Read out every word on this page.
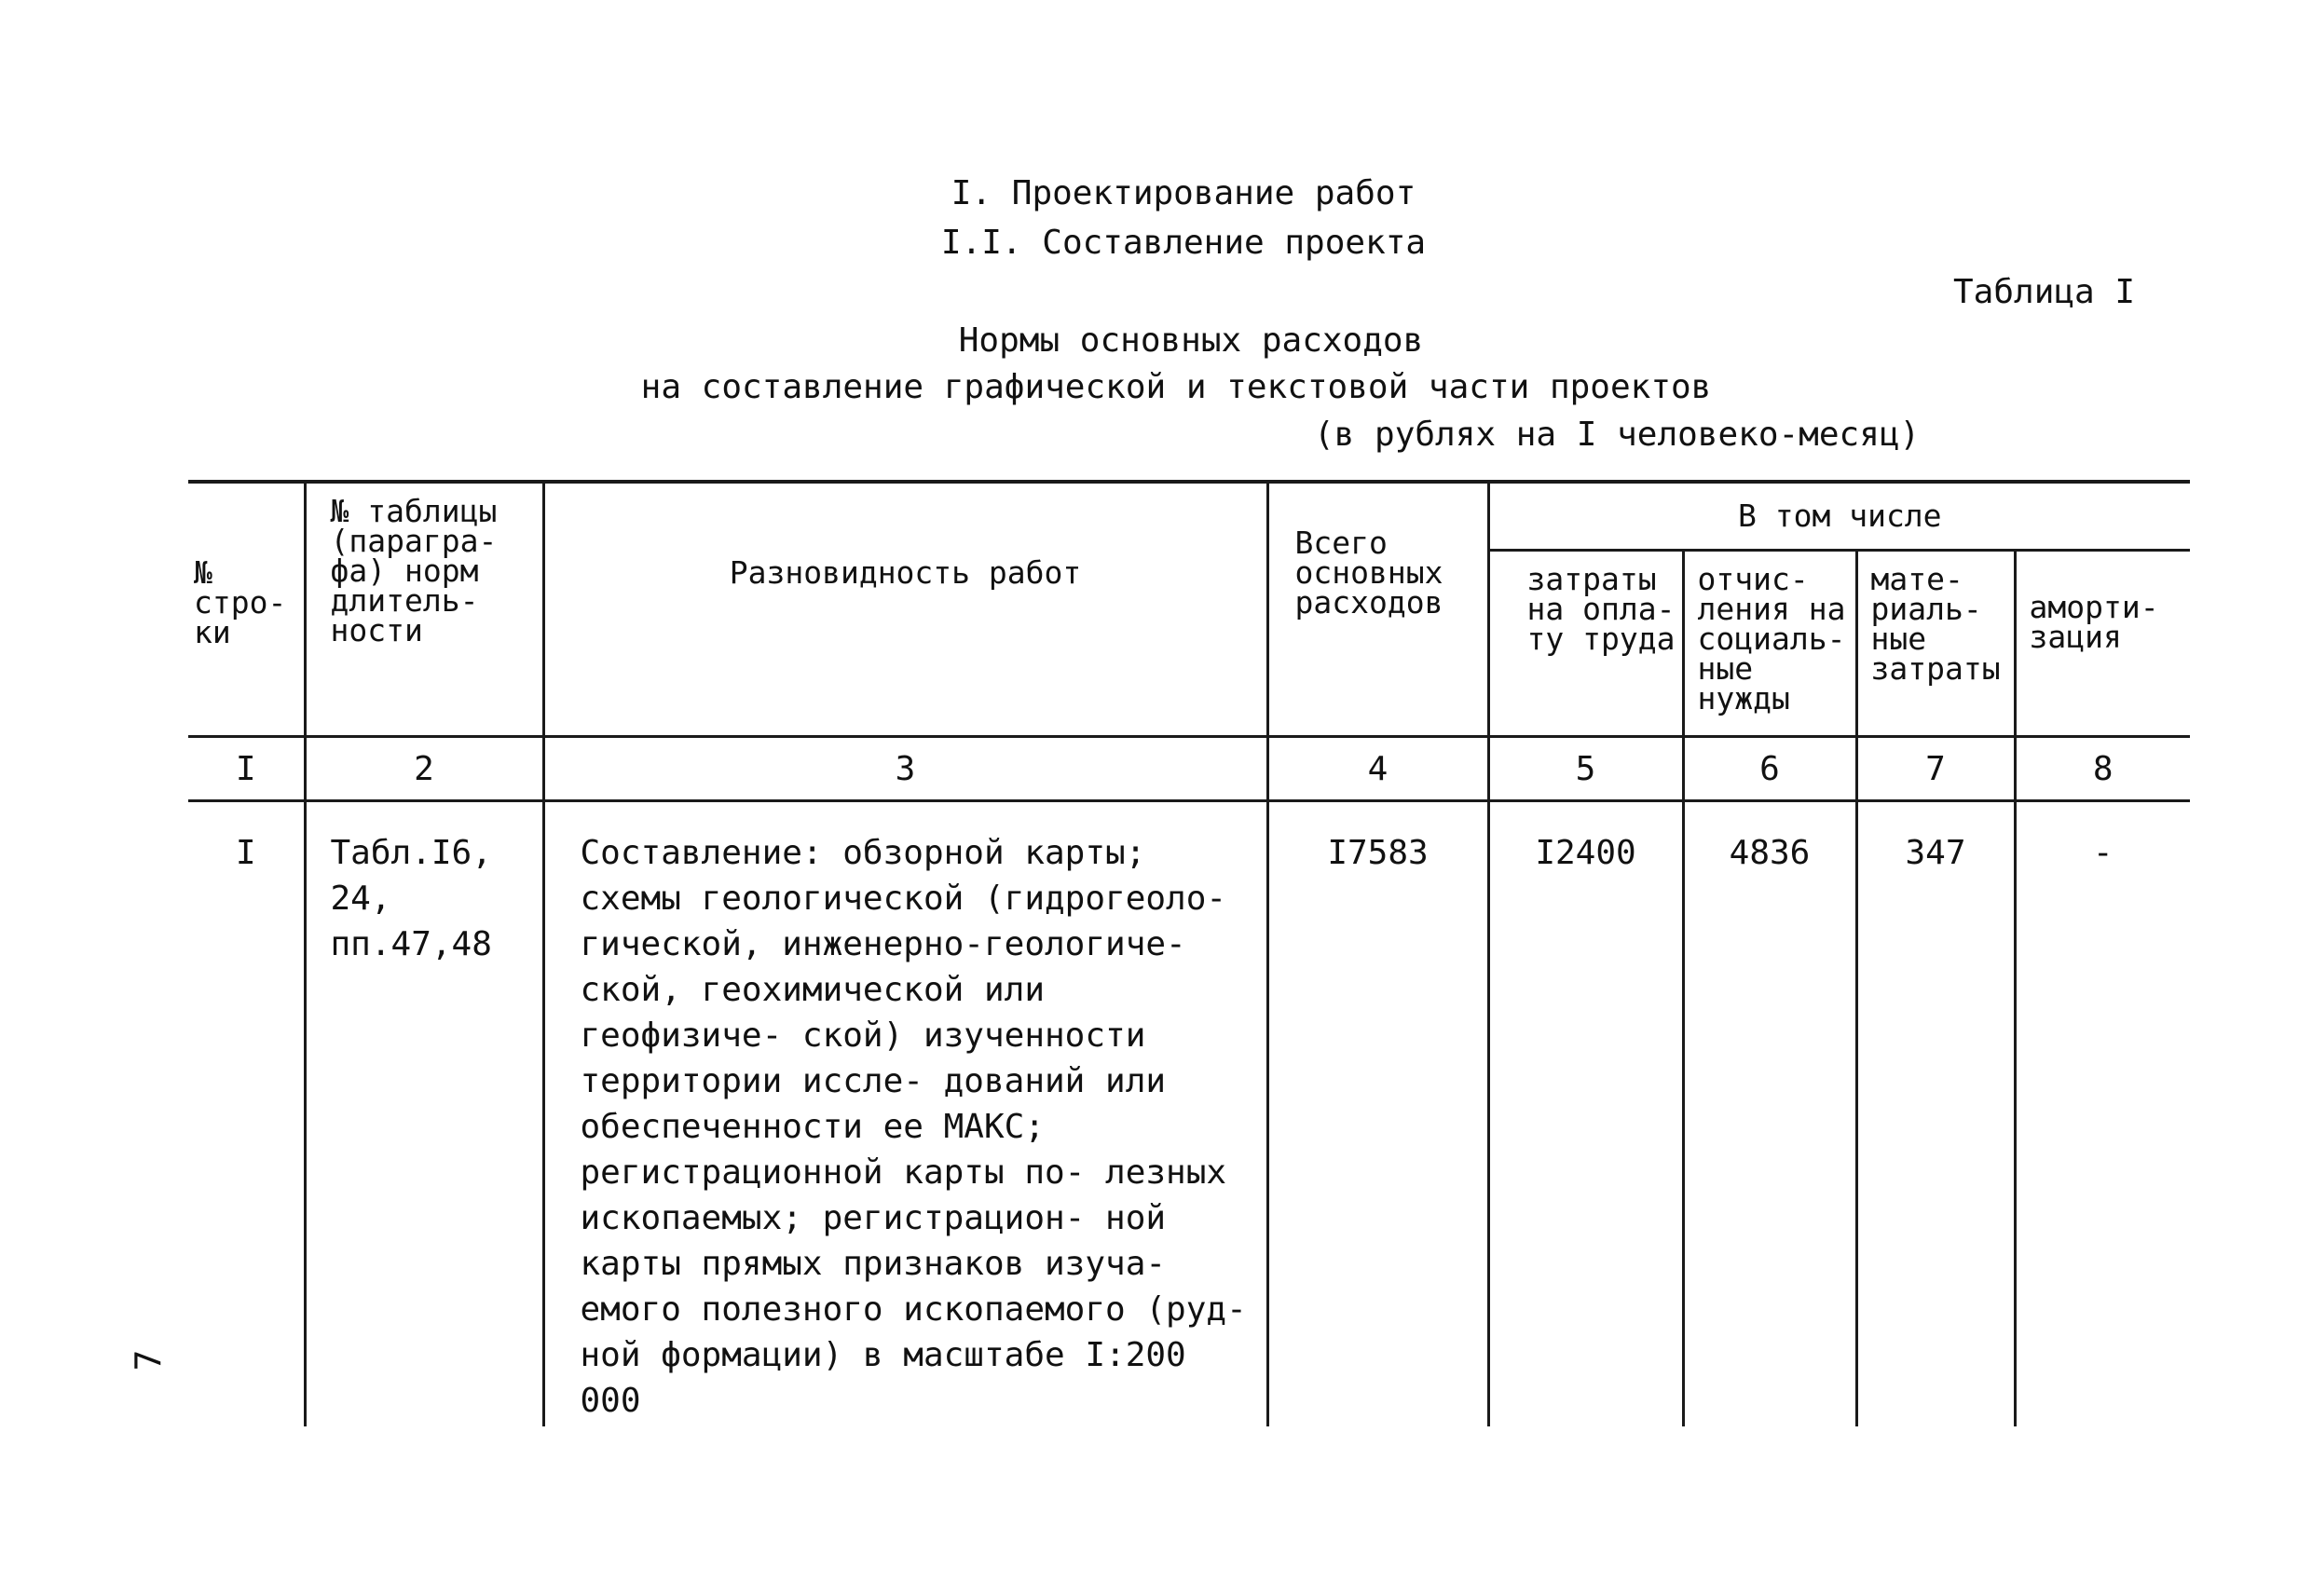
I. Проектирование работ
I.I. Составление проекта
Таблица I
Нормы основных расходов
на составление графической и текстовой части проектов
(в рублях на I человеко-месяц)
№ стро- ки	№ таблицы (парагра- фа) норм длитель- ности	Разновидность работ	Всего основных расходов	В том числе			
				затраты на опла- ту труда	отчис- ления на социаль- ные нужды	мате- риаль- ные затраты	аморти- зация
I	2	3	4	5	6	7	8
I	Табл.I6, 24, пп.47,48	Составление: обзорной карты; схемы геологической (гидрогеоло- гической, инженерно-геологиче- ской, геохимической или геофизиче- ской) изученности территории иссле- дований или обеспеченности ее МАКС; регистрационной карты по- лезных ископаемых; регистрацион- ной карты прямых признаков изуча- емого полезного ископаемого (руд- ной формации) в масштабе I:200 000	I7583	I2400	4836	347	-
7
